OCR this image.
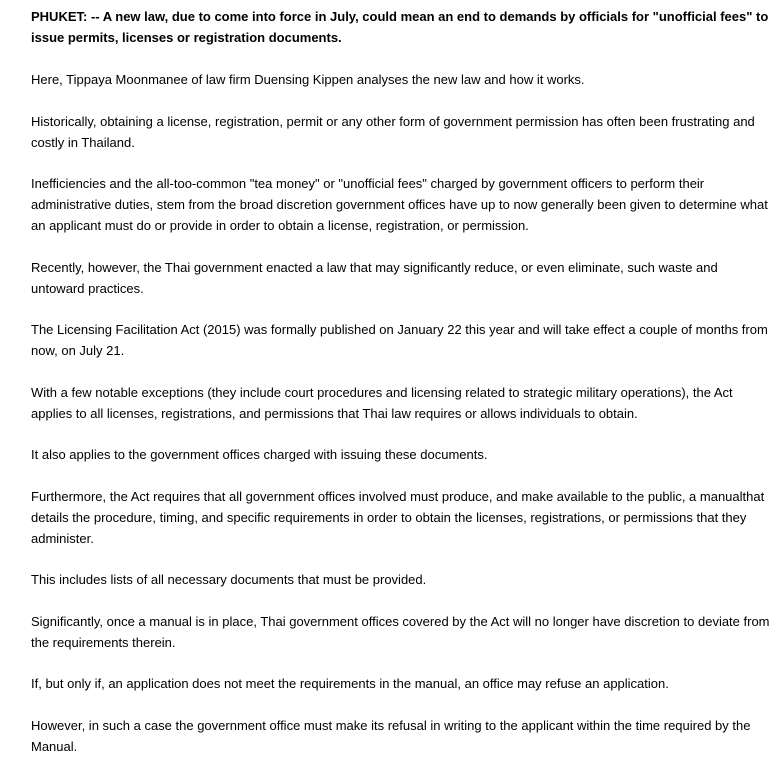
PHUKET: -- A new law, due to come into force in July, could mean an end to demands by officials for "unofficial fees" to issue permits, licenses or registration documents.

Here, Tippaya Moonmanee of law firm Duensing Kippen analyses the new law and how it works.

Historically, obtaining a license, registration, permit or any other form of government permission has often been frustrating and costly in Thailand.

Inefficiencies and the all-too-common "tea money" or "unofficial fees" charged by government officers to perform their administrative duties, stem from the broad discretion government offices have up to now generally been given to determine what an applicant must do or provide in order to obtain a license, registration, or permission.

Recently, however, the Thai government enacted a law that may significantly reduce, or even eliminate, such waste and untoward practices.

The Licensing Facilitation Act (2015) was formally published on January 22 this year and will take effect a couple of months from now, on July 21.

With a few notable exceptions (they include court procedures and licensing related to strategic military operations), the Act applies to all licenses, registrations, and permissions that Thai law requires or allows individuals to obtain.

It also applies to the government offices charged with issuing these documents.

Furthermore, the Act requires that all government offices involved must produce, and make available to the public, a manualthat details the procedure, timing, and specific requirements in order to obtain the licenses, registrations, or permissions that they administer.

This includes lists of all necessary documents that must be provided.

Significantly, once a manual is in place, Thai government offices covered by the Act will no longer have discretion to deviate from the requirements therein.

If, but only if, an application does not meet the requirements in the manual, an office may refuse an application.

However, in such a case the government office must make its refusal in writing to the applicant within the time required by the Manual.
